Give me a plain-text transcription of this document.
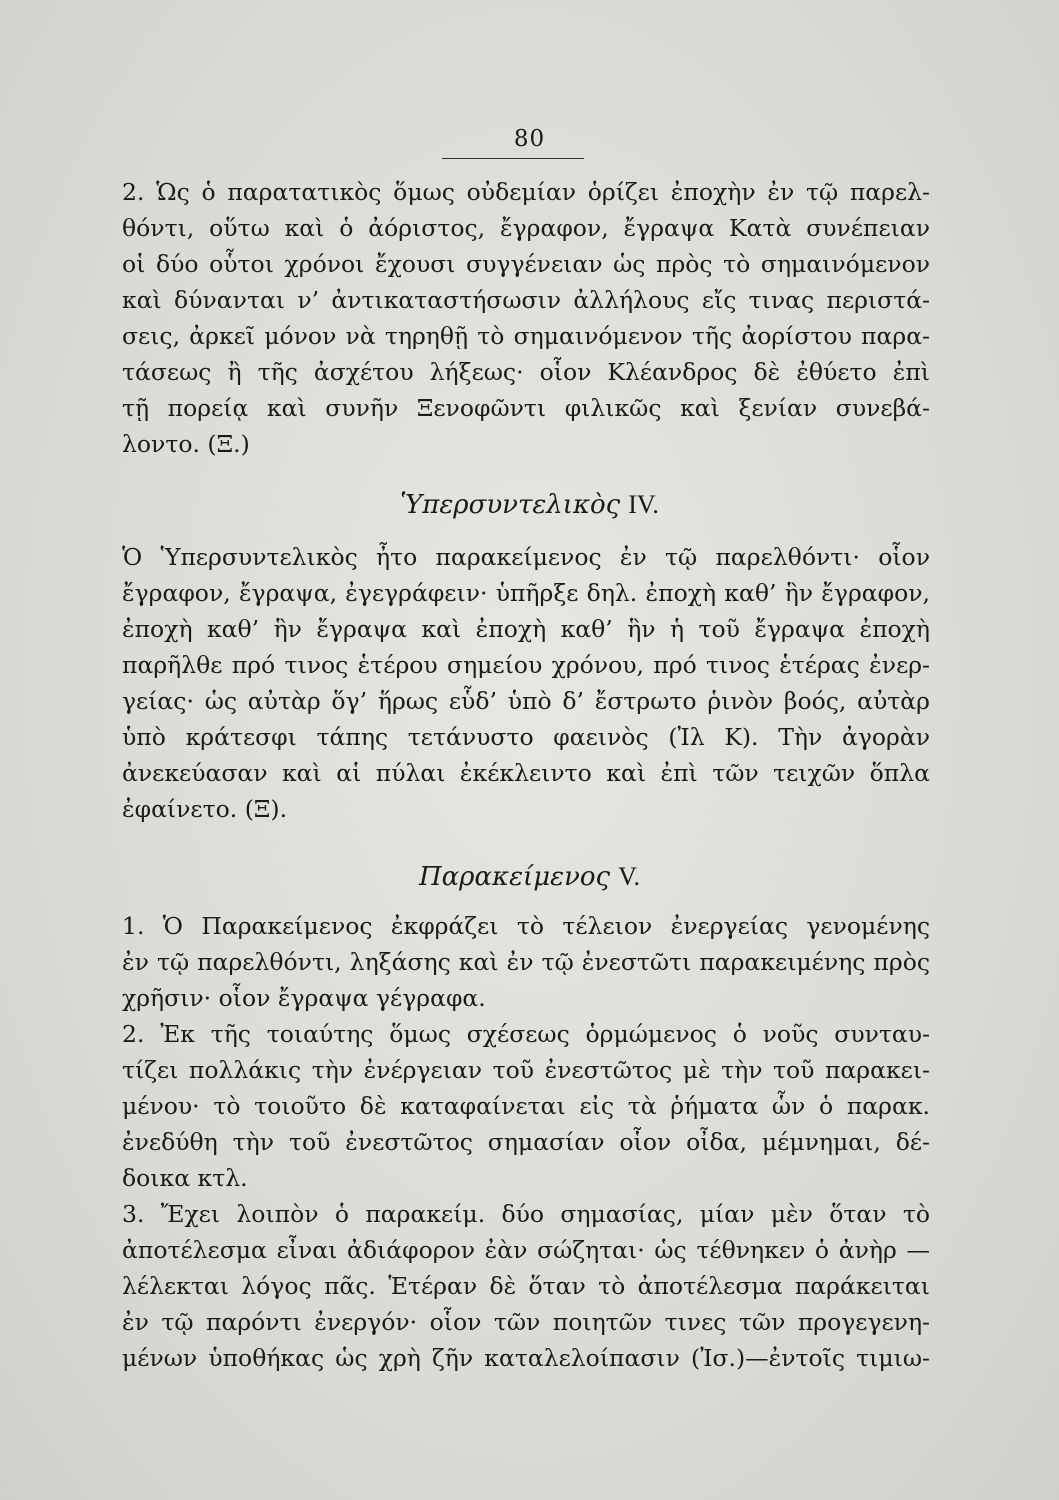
80
2. Ὡς ὁ παρατατικὸς ὅμως οὐδεμίαν ὁρίζει ἐποχὴν ἐν τῷ παρελ-
θόντι, οὕτω καὶ ὁ ἀόριστος, ἔγραφον, ἔγραψα Κατὰ συνέπειαν
οἱ δύο οὗτοι χρόνοι ἔχουσι συγγένειαν ὡς πρὸς τὸ σημαινόμενον
καὶ δύνανται ν’ ἀντικαταστήσωσιν ἀλλήλους εἴς τινας περιστά-
σεις, ἀρκεῖ μόνον νὰ τηρηθῇ τὸ σημαινόμενον τῆς ἀορίστου παρα-
τάσεως ἢ τῆς ἀσχέτου λήξεως· οἷον Κλέανδρος δὲ ἐθύετο ἐπὶ
τῇ πορείᾳ καὶ συνῆν Ξενοφῶντι φιλικῶς καὶ ξενίαν συνεβά-
λοντο. (Ξ.)
Ὑπερσυντελικὸς IV.
Ὁ Ὑπερσυντελικὸς ἦτο παρακείμενος ἐν τῷ παρελθόντι· οἷον
ἔγραφον, ἔγραψα, ἐγεγράφειν· ὑπῆρξε δηλ. ἐποχὴ καθ’ ἣν ἔγραφον,
ἐποχὴ καθ’ ἣν ἔγραψα καὶ ἐποχὴ καθ’ ἣν ἡ τοῦ ἔγραψα ἐποχὴ
παρῆλθε πρό τινος ἑτέρου σημείου χρόνου, πρό τινος ἑτέρας ἐνερ-
γείας· ὡς αὐτὰρ ὅγ’ ἥρως εὗδ’ ὑπὸ δ’ ἔστρωτο ῥινὸν βοός, αὐτὰρ
ὑπὸ κράτεσφι τάπης τετάνυστο φαεινὸς (Ἰλ Κ). Τὴν ἀγορὰν
ἀνεκεύασαν καὶ αἱ πύλαι ἐκέκλειντο καὶ ἐπὶ τῶν τειχῶν ὅπλα
ἐφαίνετο. (Ξ).
Παρακείμενος V.
1. Ὁ Παρακείμενος ἐκφράζει τὸ τέλειον ἐνεργείας γενομένης
ἐν τῷ παρελθόντι, ληξάσης καὶ ἐν τῷ ἐνεστῶτι παρακειμένης πρὸς
χρῆσιν· οἷον ἔγραψα γέγραφα.
2. Ἐκ τῆς τοιαύτης ὅμως σχέσεως ὁρμώμενος ὁ νοῦς συνταυ-
τίζει πολλάκις τὴν ἐνέργειαν τοῦ ἐνεστῶτος μὲ τὴν τοῦ παρακει-
μένου· τὸ τοιοῦτο δὲ καταφαίνεται εἰς τὰ ῥήματα ὧν ὁ παρακ.
ἐνεδύθη τὴν τοῦ ἐνεστῶτος σημασίαν οἷον οἶδα, μέμνημαι, δέ-
δοικα κτλ.
3. Ἔχει λοιπὸν ὁ παρακείμ. δύο σημασίας, μίαν μὲν ὅταν τὸ
ἀποτέλεσμα εἶναι ἀδιάφορον ἐὰν σώζηται· ὡς τέθνηκεν ὁ ἀνὴρ —
λέλεκται λόγος πᾶς. Ἑτέραν δὲ ὅταν τὸ ἀποτέλεσμα παράκειται
ἐν τῷ παρόντι ἐνεργόν· οἷον τῶν ποιητῶν τινες τῶν προγεγενη-
μένων ὑποθήκας ὡς χρὴ ζῆν καταλελοίπασιν (Ἰσ.)—ἐντοῖς τιμιω-
